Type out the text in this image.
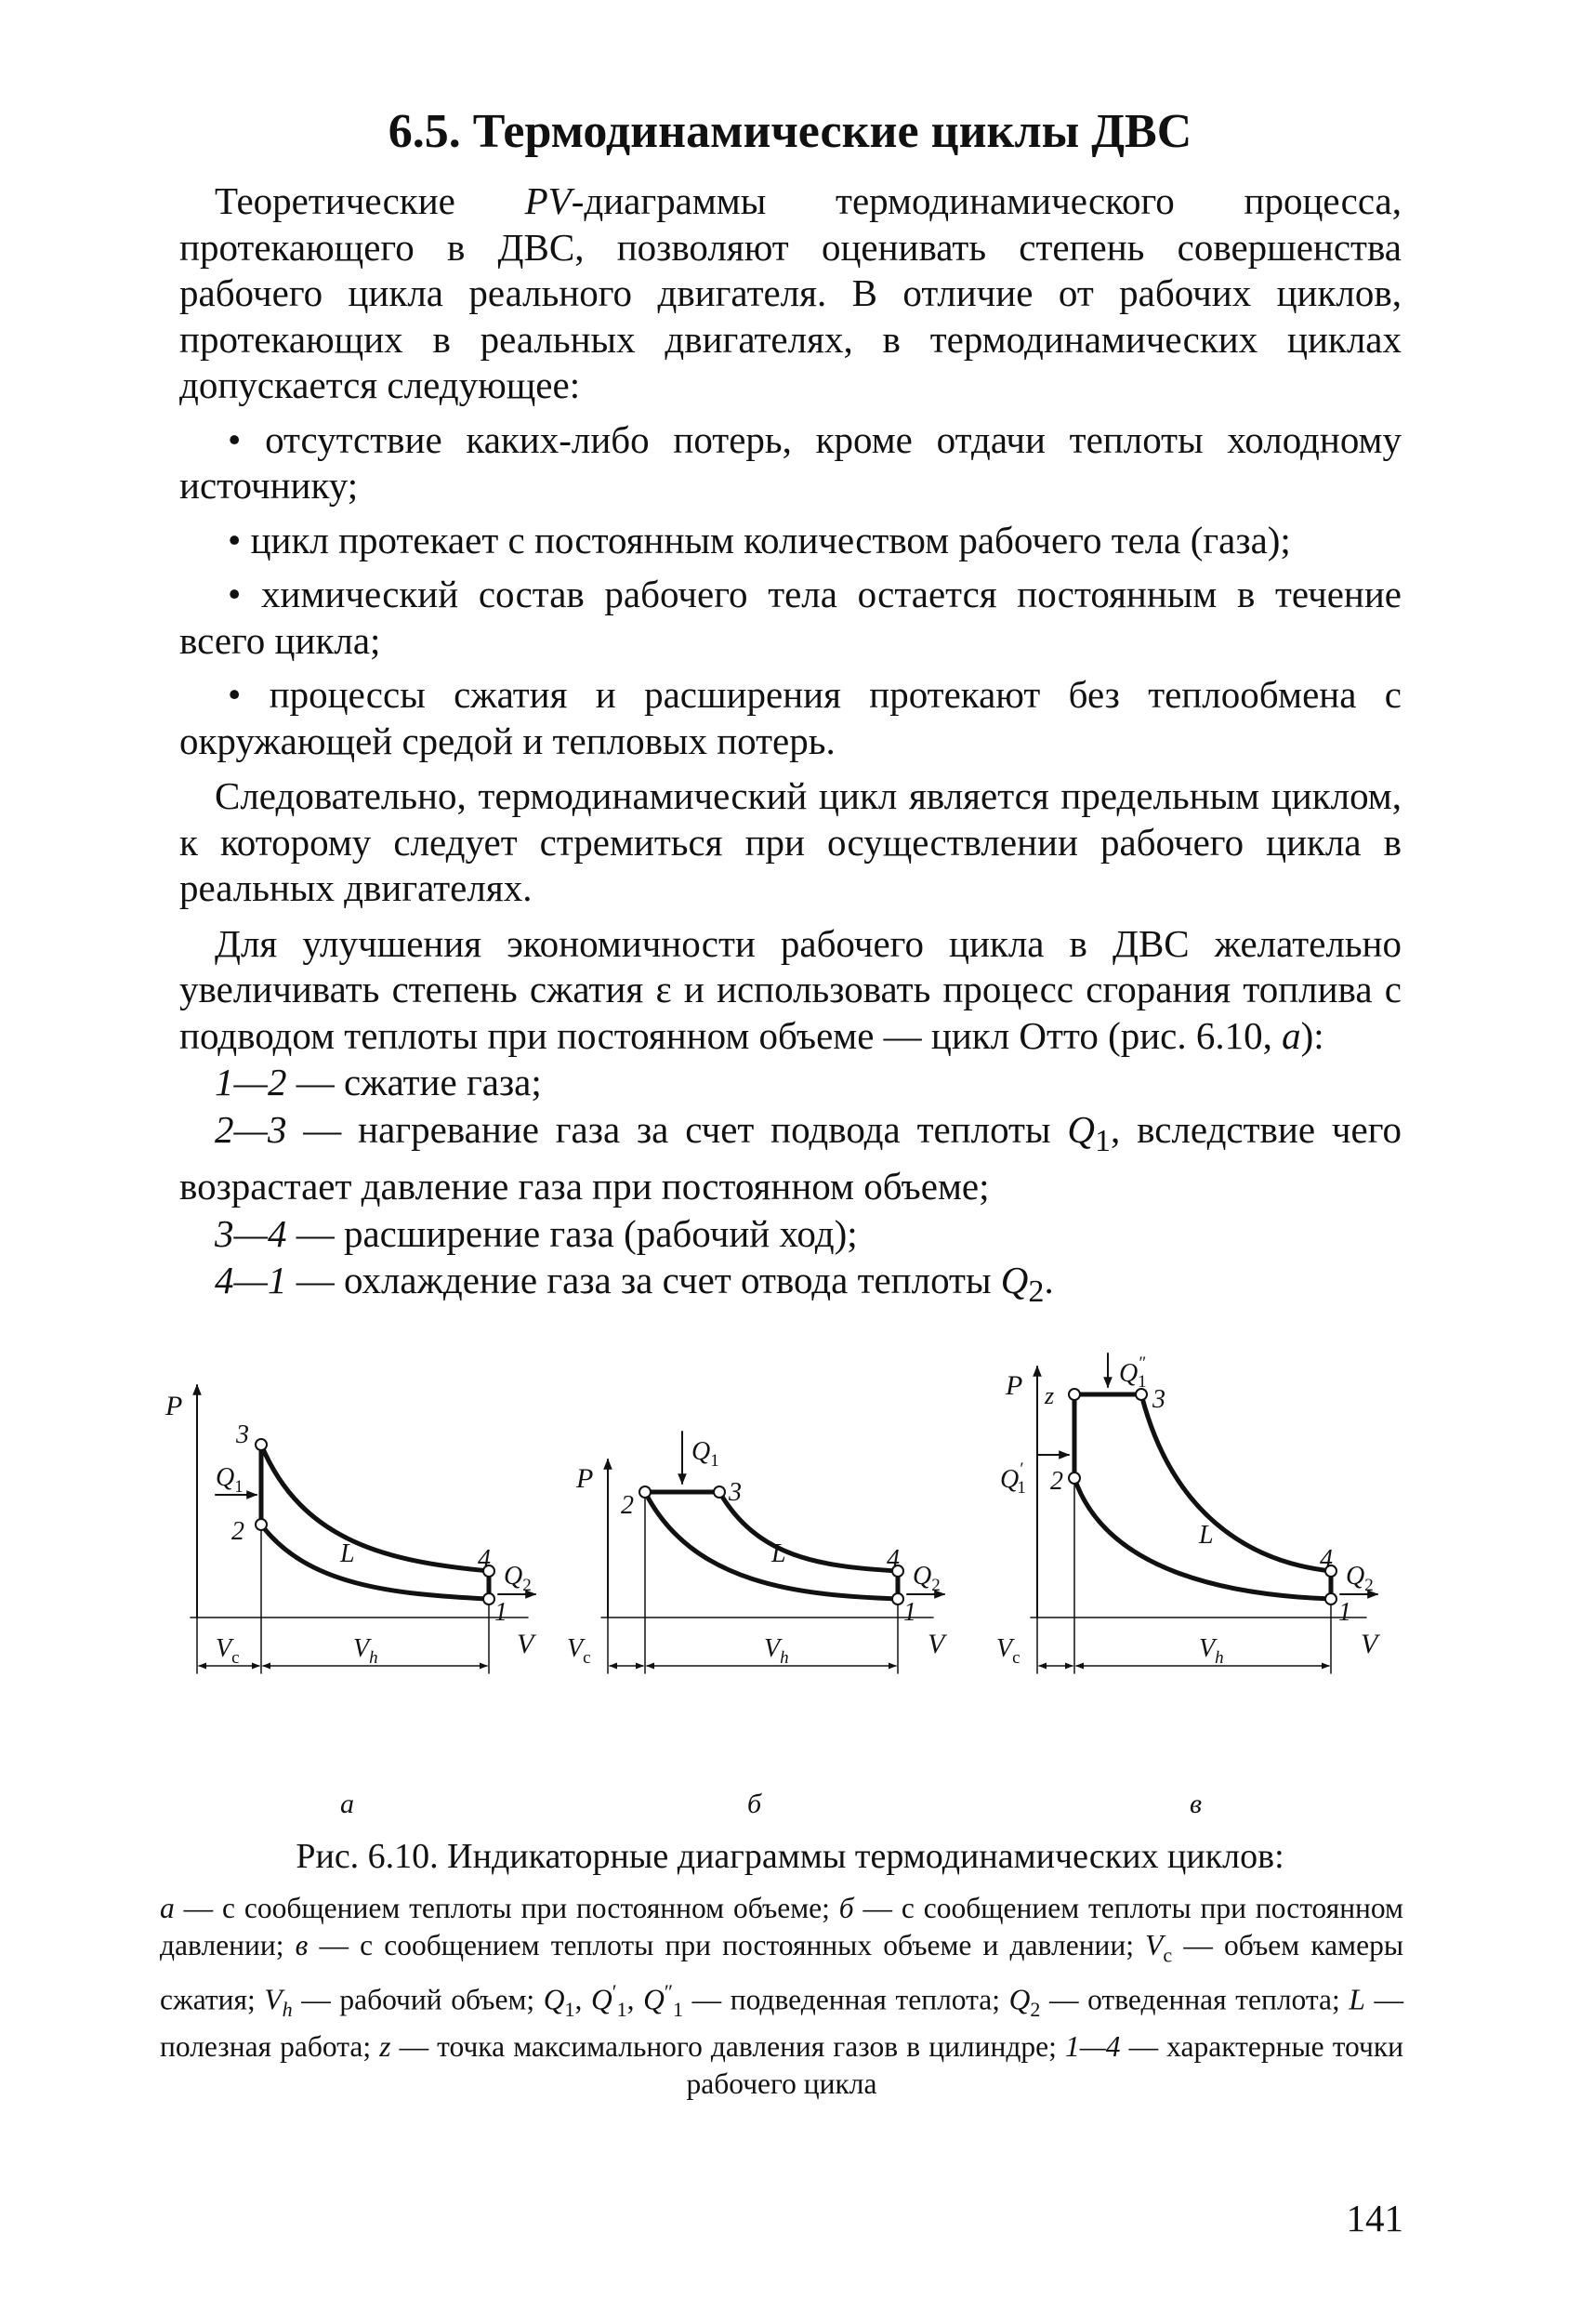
6.5. Термодинамические циклы ДВС

Теоретические PV-диаграммы термодинамического процесса, протекающего в ДВС, позволяют оценивать степень совершенства рабочего цикла реального двигателя. В отличие от рабочих циклов, протекающих в реальных двигателях, в термодинамических циклах допускается следующее:

• отсутствие каких-либо потерь, кроме отдачи теплоты холодному источнику;

• цикл протекает с постоянным количеством рабочего тела (газа);

• химический состав рабочего тела остается постоянным в течение всего цикла;

• процессы сжатия и расширения протекают без теплообмена с окружающей средой и тепловых потерь.

Следовательно, термодинамический цикл является предельным циклом, к которому следует стремиться при осуществлении рабочего цикла в реальных двигателях.

Для улучшения экономичности рабочего цикла в ДВС желательно увеличивать степень сжатия ε и использовать процесс сгорания топлива с подводом теплоты при постоянном объеме — цикл Отто (рис. 6.10, а):

1—2 — сжатие газа;

2—3 — нагревание газа за счет подвода теплоты $Q_1$, вследствие чего возрастает давление газа при постоянном объеме;

3—4 — расширение газа (рабочий ход);

4—1 — охлаждение газа за счет отвода теплоты $Q_2$.

P
V
$V_c$	$V_h$
3
2
4
1
$Q_1$
$Q_2$
L
а
P
V
$V_c$	$V_h$
2	3
4
1
$Q_1$
$Q_2$
L
б
P z
V
$V_c$	$V_h$
2
3
4
1
Q″ 1
Q′ 1
$Q_2$
L
в

Рис. 6.10. Индикаторные диаграммы термодинамических циклов:

а — с сообщением теплоты при постоянном объеме; б — с сообщением теплоты при постоянном давлении; в — с сообщением теплоты при постоянных объеме и давлении; $V_c$ — объем камеры сжатия; $V_h$ — рабочий объем; $Q_1$, $Q'_1$, $Q''_1$ — подведенная теплота; $Q_2$ — отведенная теплота; L — полезная работа; z — точка максимального давления газов в цилиндре; 1—4 — характерные точки рабочего цикла
141
